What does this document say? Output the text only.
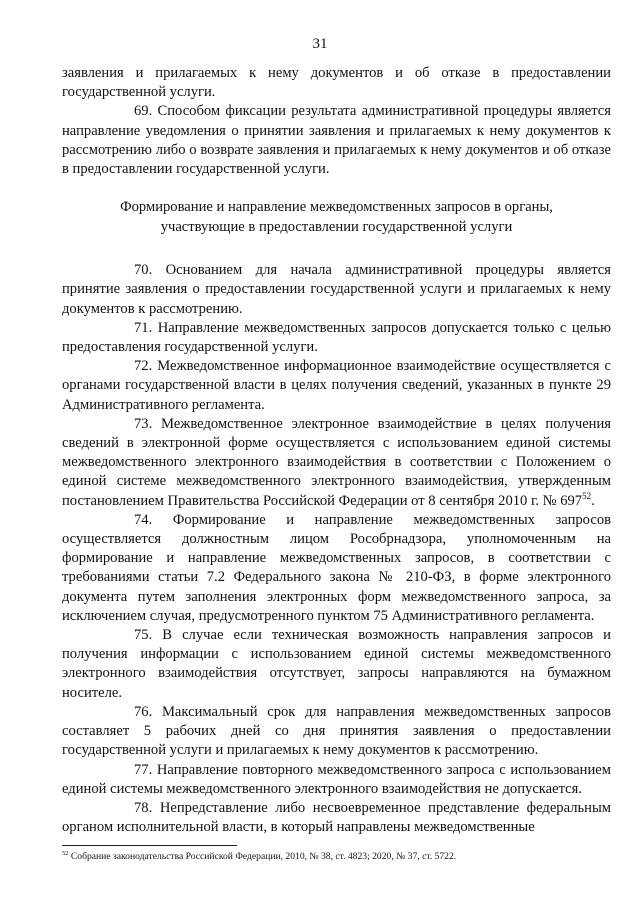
31

заявления и прилагаемых к нему документов и об отказе в предоставлении государственной услуги.

69. Способом фиксации результата административной процедуры является направление уведомления о принятии заявления и прилагаемых к нему документов к рассмотрению либо о возврате заявления и прилагаемых к нему документов и об отказе в предоставлении государственной услуги.

Формирование и направление межведомственных запросов в органы,
участвующие в предоставлении государственной услуги

70. Основанием для начала административной процедуры является принятие заявления о предоставлении государственной услуги и прилагаемых к нему документов к рассмотрению.

71. Направление межведомственных запросов допускается только с целью предоставления государственной услуги.

72. Межведомственное информационное взаимодействие осуществляется с органами государственной власти в целях получения сведений, указанных в пункте 29 Административного регламента.

73. Межведомственное электронное взаимодействие в целях получения сведений в электронной форме осуществляется с использованием единой системы межведомственного электронного взаимодействия в соответствии с Положением о единой системе межведомственного электронного взаимодействия, утвержденным постановлением Правительства Российской Федерации от 8 сентября 2010 г. № $697^{52}$.

74. Формирование и направление межведомственных запросов осуществляется должностным лицом Рособрнадзора, уполномоченным на формирование и направление межведомственных запросов, в соответствии с требованиями статьи 7.2 Федерального закона № 210-ФЗ, в форме электронного документа путем заполнения электронных форм межведомственного запроса, за исключением случая, предусмотренного пунктом 75 Административного регламента.

75. В случае если техническая возможность направления запросов и получения информации с использованием единой системы межведомственного электронного взаимодействия отсутствует, запросы направляются на бумажном носителе.

76. Максимальный срок для направления межведомственных запросов составляет 5 рабочих дней со дня принятия заявления о предоставлении государственной услуги и прилагаемых к нему документов к рассмотрению.

77. Направление повторного межведомственного запроса с использованием единой системы межведомственного электронного взаимодействия не допускается.

78. Непредставление либо несвоевременное представление федеральным органом исполнительной власти, в который направлены межведомственные

$^{52}$ Собрание законодательства Российской Федерации, 2010, № 38, ст. 4823; 2020, № 37, ст. 5722.
